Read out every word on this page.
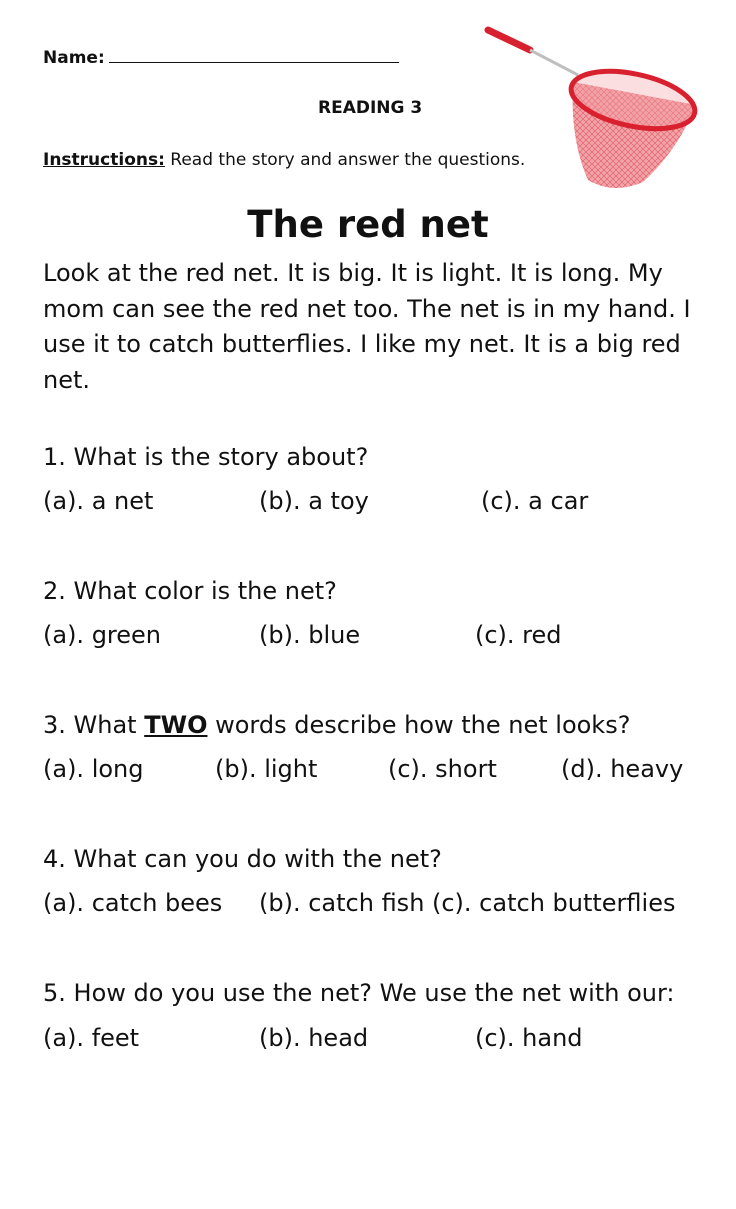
Name:
READING 3
Instructions: Read the story and answer the questions.
The red net
Look at the red net. It is big. It is light. It is long. My mom can see the red net too. The net is in my hand. I use it to catch butterflies. I like my net. It is a big red net.
1. What is the story about?
(a). a net	(b). a toy	(c). a car
2. What color is the net?
(a). green	(b). blue	(c). red
3. What TWO words describe how the net looks?
(a). long	(b). light	(c). short	(d). heavy
4. What can you do with the net?
(a). catch bees (b). catch fish (c). catch butterflies
5. How do you use the net? We use the net with our:
(a). feet	(b). head	(c). hand
